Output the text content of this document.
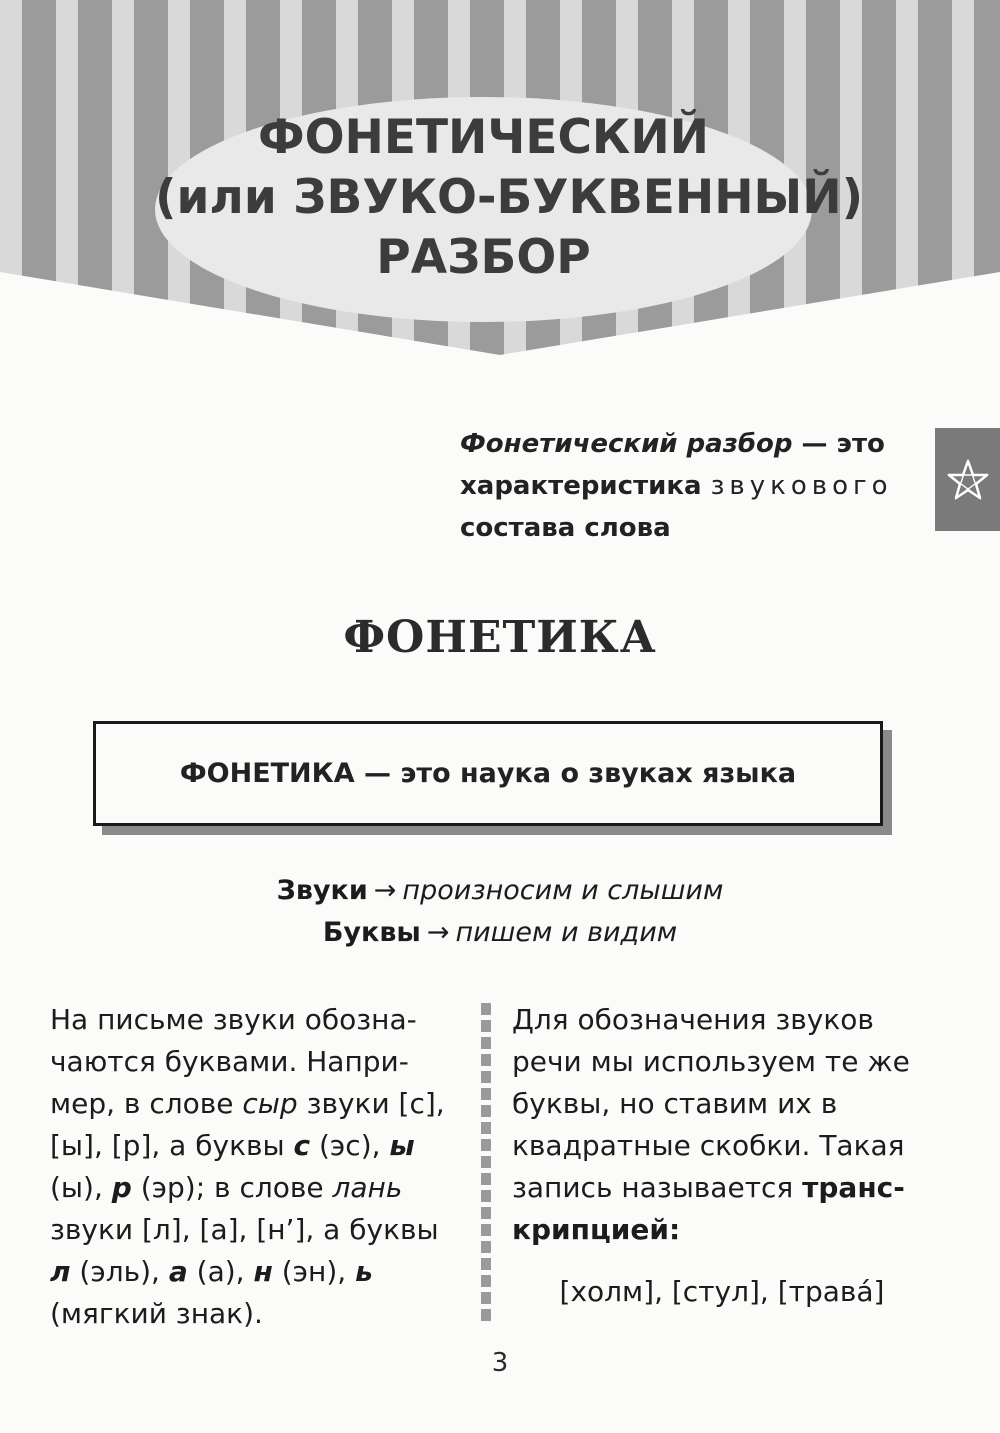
ФОНЕТИЧЕСКИЙ
(или ЗВУКО-БУКВЕННЫЙ)
РАЗБОР
Фонетический разбор — это
характеристика звукового
состава слова
ФОНЕТИКА
ФОНЕТИКА — это наука о звуках языка
Звуки → произносим и слышим
Буквы → пишем и видим
На письме звуки обозначаются буквами. Например, в слове сыр звуки [с], [ы], [р], а буквы с (эс), ы (ы), р (эр); в слове лань звуки [л], [а], [н’], а буквы л (эль), а (а), н (эн), ь (мягкий знак).
Для обозначения звуков речи мы используем те же буквы, но ставим их в квадратные скобки. Такая запись называется транскрипцией:
[холм], [стул], [трава́]
3
